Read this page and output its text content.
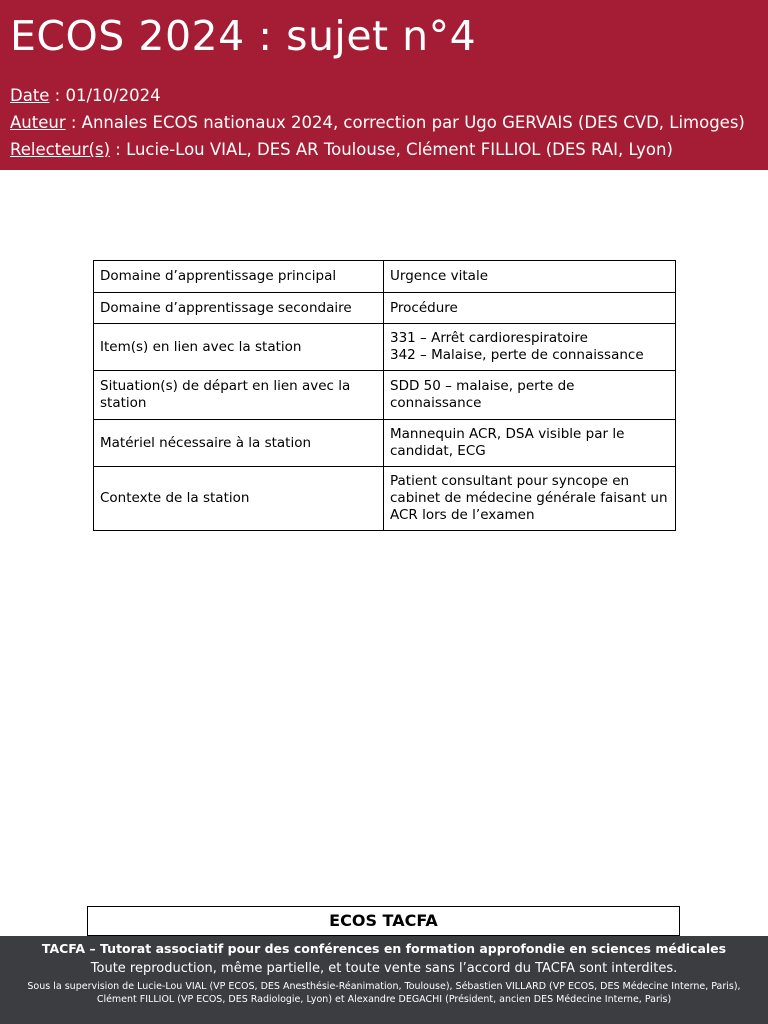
ECOS 2024 : sujet n°4
Date : 01/10/2024
Auteur : Annales ECOS nationaux 2024, correction par Ugo GERVAIS (DES CVD, Limoges)
Relecteur(s) : Lucie-Lou VIAL, DES AR Toulouse, Clément FILLIOL (DES RAI, Lyon)
Domaine d’apprentissage principal	Urgence vitale
Domaine d’apprentissage secondaire	Procédure
Item(s) en lien avec la station	331 – Arrêt cardiorespiratoire
342 – Malaise, perte de connaissance
Situation(s) de départ en lien avec la station	SDD 50 – malaise, perte de connaissance
Matériel nécessaire à la station	Mannequin ACR, DSA visible par le candidat, ECG
Contexte de la station	Patient consultant pour syncope en cabinet de médecine générale faisant un ACR lors de l’examen
ECOS TACFA
TACFA – Tutorat associatif pour des conférences en formation approfondie en sciences médicales
Toute reproduction, même partielle, et toute vente sans l’accord du TACFA sont interdites.
Sous la supervision de Lucie-Lou VIAL (VP ECOS, DES Anesthésie-Réanimation, Toulouse), Sébastien VILLARD (VP ECOS, DES Médecine Interne, Paris), Clément FILLIOL (VP ECOS, DES Radiologie, Lyon) et Alexandre DEGACHI (Président, ancien DES Médecine Interne, Paris)
